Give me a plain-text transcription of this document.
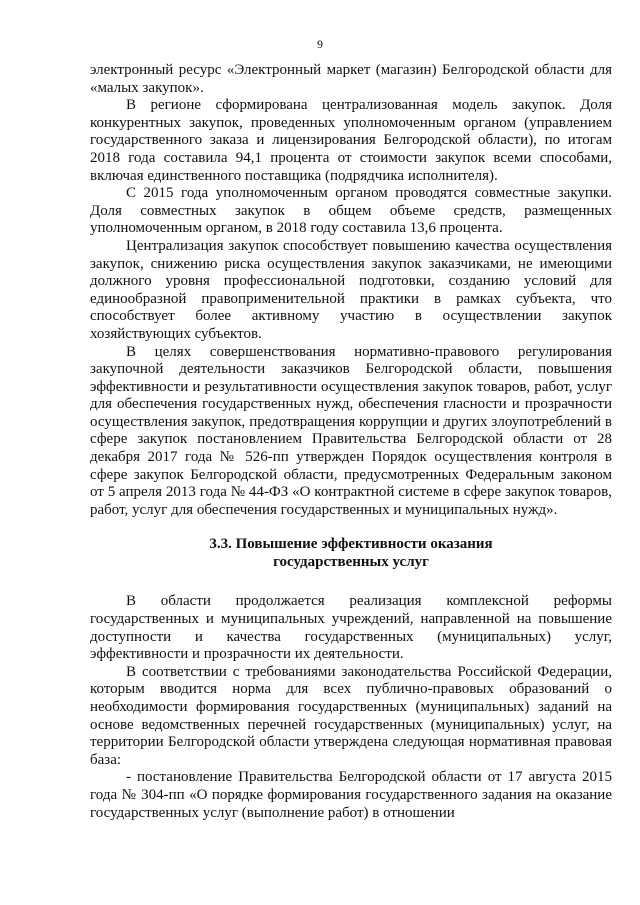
9

электронный ресурс «Электронный маркет (магазин) Белгородской области для «малых закупок».

В регионе сформирована централизованная модель закупок. Доля конкурентных закупок, проведенных уполномоченным органом (управлением государственного заказа и лицензирования Белгородской области), по итогам 2018 года составила 94,1 процента от стоимости закупок всеми способами, включая единственного поставщика (подрядчика исполнителя).

С 2015 года уполномоченным органом проводятся совместные закупки. Доля совместных закупок в общем объеме средств, размещенных уполномоченным органом, в 2018 году составила 13,6 процента.

Централизация закупок способствует повышению качества осуществления закупок, снижению риска осуществления закупок заказчиками, не имеющими должного уровня профессиональной подготовки, созданию условий для единообразной правоприменительной практики в рамках субъекта, что способствует более активному участию в осуществлении закупок хозяйствующих субъектов.

В целях совершенствования нормативно-правового регулирования закупочной деятельности заказчиков Белгородской области, повышения эффективности и результативности осуществления закупок товаров, работ, услуг для обеспечения государственных нужд, обеспечения гласности и прозрачности осуществления закупок, предотвращения коррупции и других злоупотреблений в сфере закупок постановлением Правительства Белгородской области от 28 декабря 2017 года № 526-пп утвержден Порядок осуществления контроля в сфере закупок Белгородской области, предусмотренных Федеральным законом от 5 апреля 2013 года № 44-ФЗ «О контрактной системе в сфере закупок товаров, работ, услуг для обеспечения государственных и муниципальных нужд».

3.3. Повышение эффективности оказания
государственных услуг

В области продолжается реализация комплексной реформы государственных и муниципальных учреждений, направленной на повышение доступности и качества государственных (муниципальных) услуг, эффективности и прозрачности их деятельности.

В соответствии с требованиями законодательства Российской Федерации, которым вводится норма для всех публично-правовых образований о необходимости формирования государственных (муниципальных) заданий на основе ведомственных перечней государственных (муниципальных) услуг, на территории Белгородской области утверждена следующая нормативная правовая база:

- постановление Правительства Белгородской области от 17 августа 2015 года № 304-пп «О порядке формирования государственного задания на оказание государственных услуг (выполнение работ) в отношении
